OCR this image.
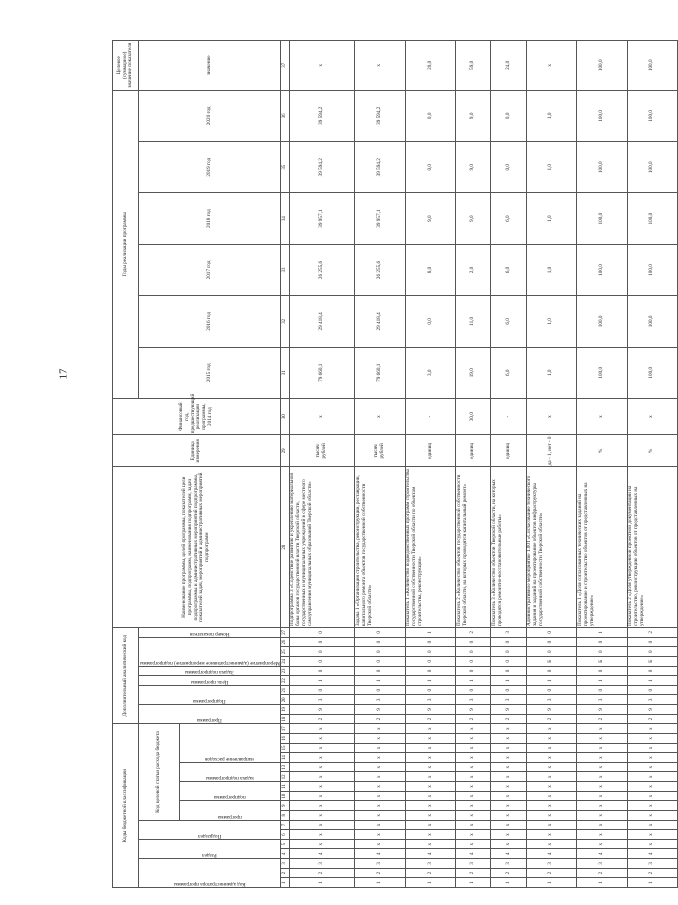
17
Коды бюджетной классификации																	Дополнительный аналитический код										Наименование программы, целей программы, показателей цели программы, подпрограмм, наименования подпрограмм, задач подпрограммы и административных мероприятий подпрограммы, показателей задач, мероприятий и административных мероприятий подпрограмм	Единица измерения	Финансовый год, предшествующий реализации программы, 2014 год	Годы реализации программы						Целевое (суммарное) значение показателя

Код администратора программы			Раздел		Подраздел		Код целевой статьи расхода бюджета										Программа		Подпрограмма		Цель программы	Задача подпрограммы	Мероприятие (административное мероприятие) подпрограммы			Номер показателя				2015 год	2016 год	2017 год	2018 год	2019 год	2020 год	значение

							программа		подпрограмма		задача подпрограммы		направление расходов																							

1	2	3	4	5	6	7	8	9	10	11	12	13	14	15	16	17	18	19	20	21	22	23	24	25	26	27	28	29	30	31	32	33	34	35	36	37
1	2	3	4	х	х	х	х	х	х	х	х	х	х	х	х	х	2	9	3	0	1	0	0	0	0	0	Подпрограмма 3 «Содействие развитию и укреплению материальной базы органов государственной власти Тверской области, государственных и муниципальных учреждений в сфере местного самоуправления муниципальных образований Тверской области»	тысяч рублей	х	79 660,1	29 418,4	26 255,6	39 957,1	39 594,2	39 594,2	х
1	2	3	4	х	х	х	х	х	х	х	х	х	х	х	х	х	2	9	3	0	1	0	0	0	0	0	Задача 1 «Организация строительства, реконструкции, реставрации, капитального ремонта объектов государственной собственности Тверской области»	тысяч рублей	х	79 660,1	29 418,4	26 255,6	39 957,1	39 594,2	39 594,2	х
1	2	3	4	х	х	х	х	х	х	х	х	х	х	х	х	х	2	9	3	0	1	0	0	0	0	1	Показатель 1 «Количество подведомственных программ строительства государственной собственности Тверской области по объектам строительства, реконструкции»	единиц	-	3,0	0,0	8,0	9,0	0,0	0,0	20,0
1	2	3	4	х	х	х	х	х	х	х	х	х	х	х	х	х	2	9	3	0	1	0	0	0	0	2	Показатель 2 «Количество объектов государственной собственности Тверской области, на которых проводятся капитальный ремонт»	единиц	30,0	19,0	11,0	2,0	9,0	9,0	9,0	59,0
1	2	3	4	х	х	х	х	х	х	х	х	х	х	х	х	х	2	9	3	0	1	0	0	0	0	3	Показатель 3 «Количество объектов Тверской области, на которых проводятся ремонтно-восстановительные работы»	единиц	-	6,0	6,0	6,0	6,0	0,0	0,0	24,0
1	2	3	4	х	х	х	х	х	х	х	х	х	х	х	х	х	2	9	3	0	1	0	Б	0	0	0	Административное мероприятие 1.001 «Согласование технического задания и заданий на проектирование объектов инфраструктуры государственной собственности Тверской области»	да - 1, нет - 0	х	1,0	1,0	1,0	1,0	1,0	1,0	х
1	2	3	4	х	х	х	х	х	х	х	х	х	х	х	х	х	2	9	3	0	1	0	Б	0	0	1	Показатель 1 «Доля согласованных технических заданий на проектирование и строительство объектов от представленных на утверждение»	%	х	100,0	100,0	100,0	100,0	100,0	100,0	100,0
1	2	3	4	х	х	х	х	х	х	х	х	х	х	х	х	х	2	9	3	0	1	0	Б	0	0	2	Показатель 2 «Доля утвержденной проектной документации на строительство, реконструкцию объектов от представленных на утверждение»	%	х	100,0	100,0	100,0	100,0	100,0	100,0	100,0
